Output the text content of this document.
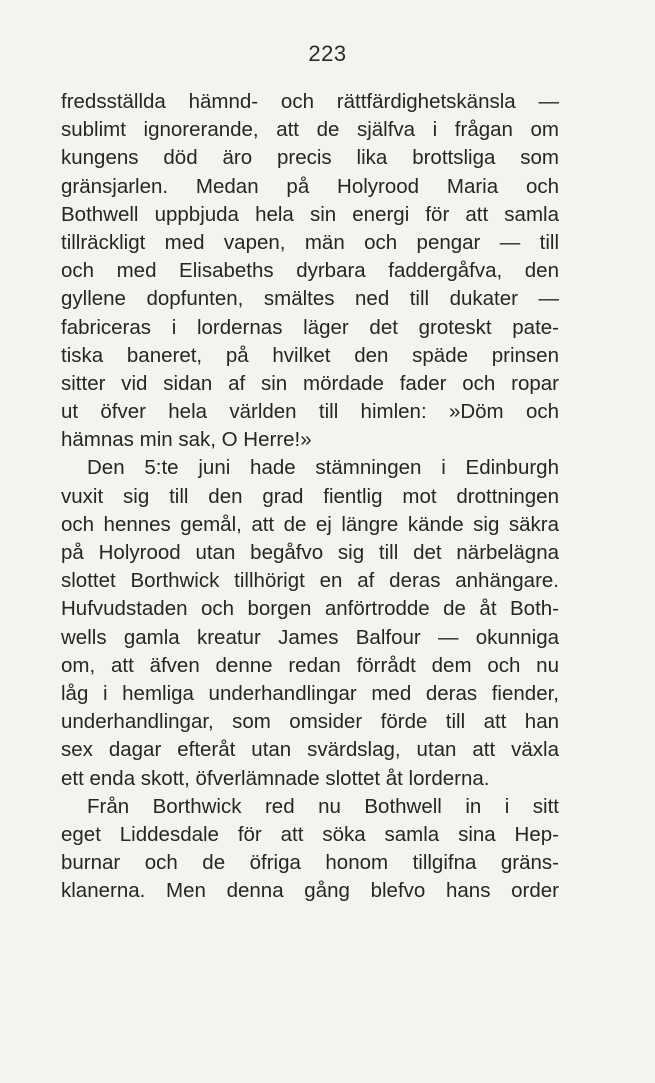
223
fredsställda hämnd- och rättfärdighetskänsla —
sublimt ignorerande, att de själfva i frågan om
kungens död äro precis lika brottsliga som
gränsjarlen. Medan på Holyrood Maria och
Bothwell uppbjuda hela sin energi för att samla
tillräckligt med vapen, män och pengar — till
och med Elisabeths dyrbara faddergåfva, den
gyllene dopfunten, smältes ned till dukater —
fabriceras i lordernas läger det groteskt pate-
tiska baneret, på hvilket den späde prinsen
sitter vid sidan af sin mördade fader och ropar
ut öfver hela världen till himlen: »Döm och
hämnas min sak, O Herre!»
Den 5:te juni hade stämningen i Edinburgh
vuxit sig till den grad fientlig mot drottningen
och hennes gemål, att de ej längre kände sig säkra
på Holyrood utan begåfvo sig till det närbelägna
slottet Borthwick tillhörigt en af deras anhängare.
Hufvudstaden och borgen anförtrodde de åt Both-
wells gamla kreatur James Balfour — okunniga
om, att äfven denne redan förrådt dem och nu
låg i hemliga underhandlingar med deras fiender,
underhandlingar, som omsider förde till att han
sex dagar efteråt utan svärdslag, utan att växla
ett enda skott, öfverlämnade slottet åt lorderna.
Från Borthwick red nu Bothwell in i sitt
eget Liddesdale för att söka samla sina Hep-
burnar och de öfriga honom tillgifna gräns-
klanerna. Men denna gång blefvo hans order
